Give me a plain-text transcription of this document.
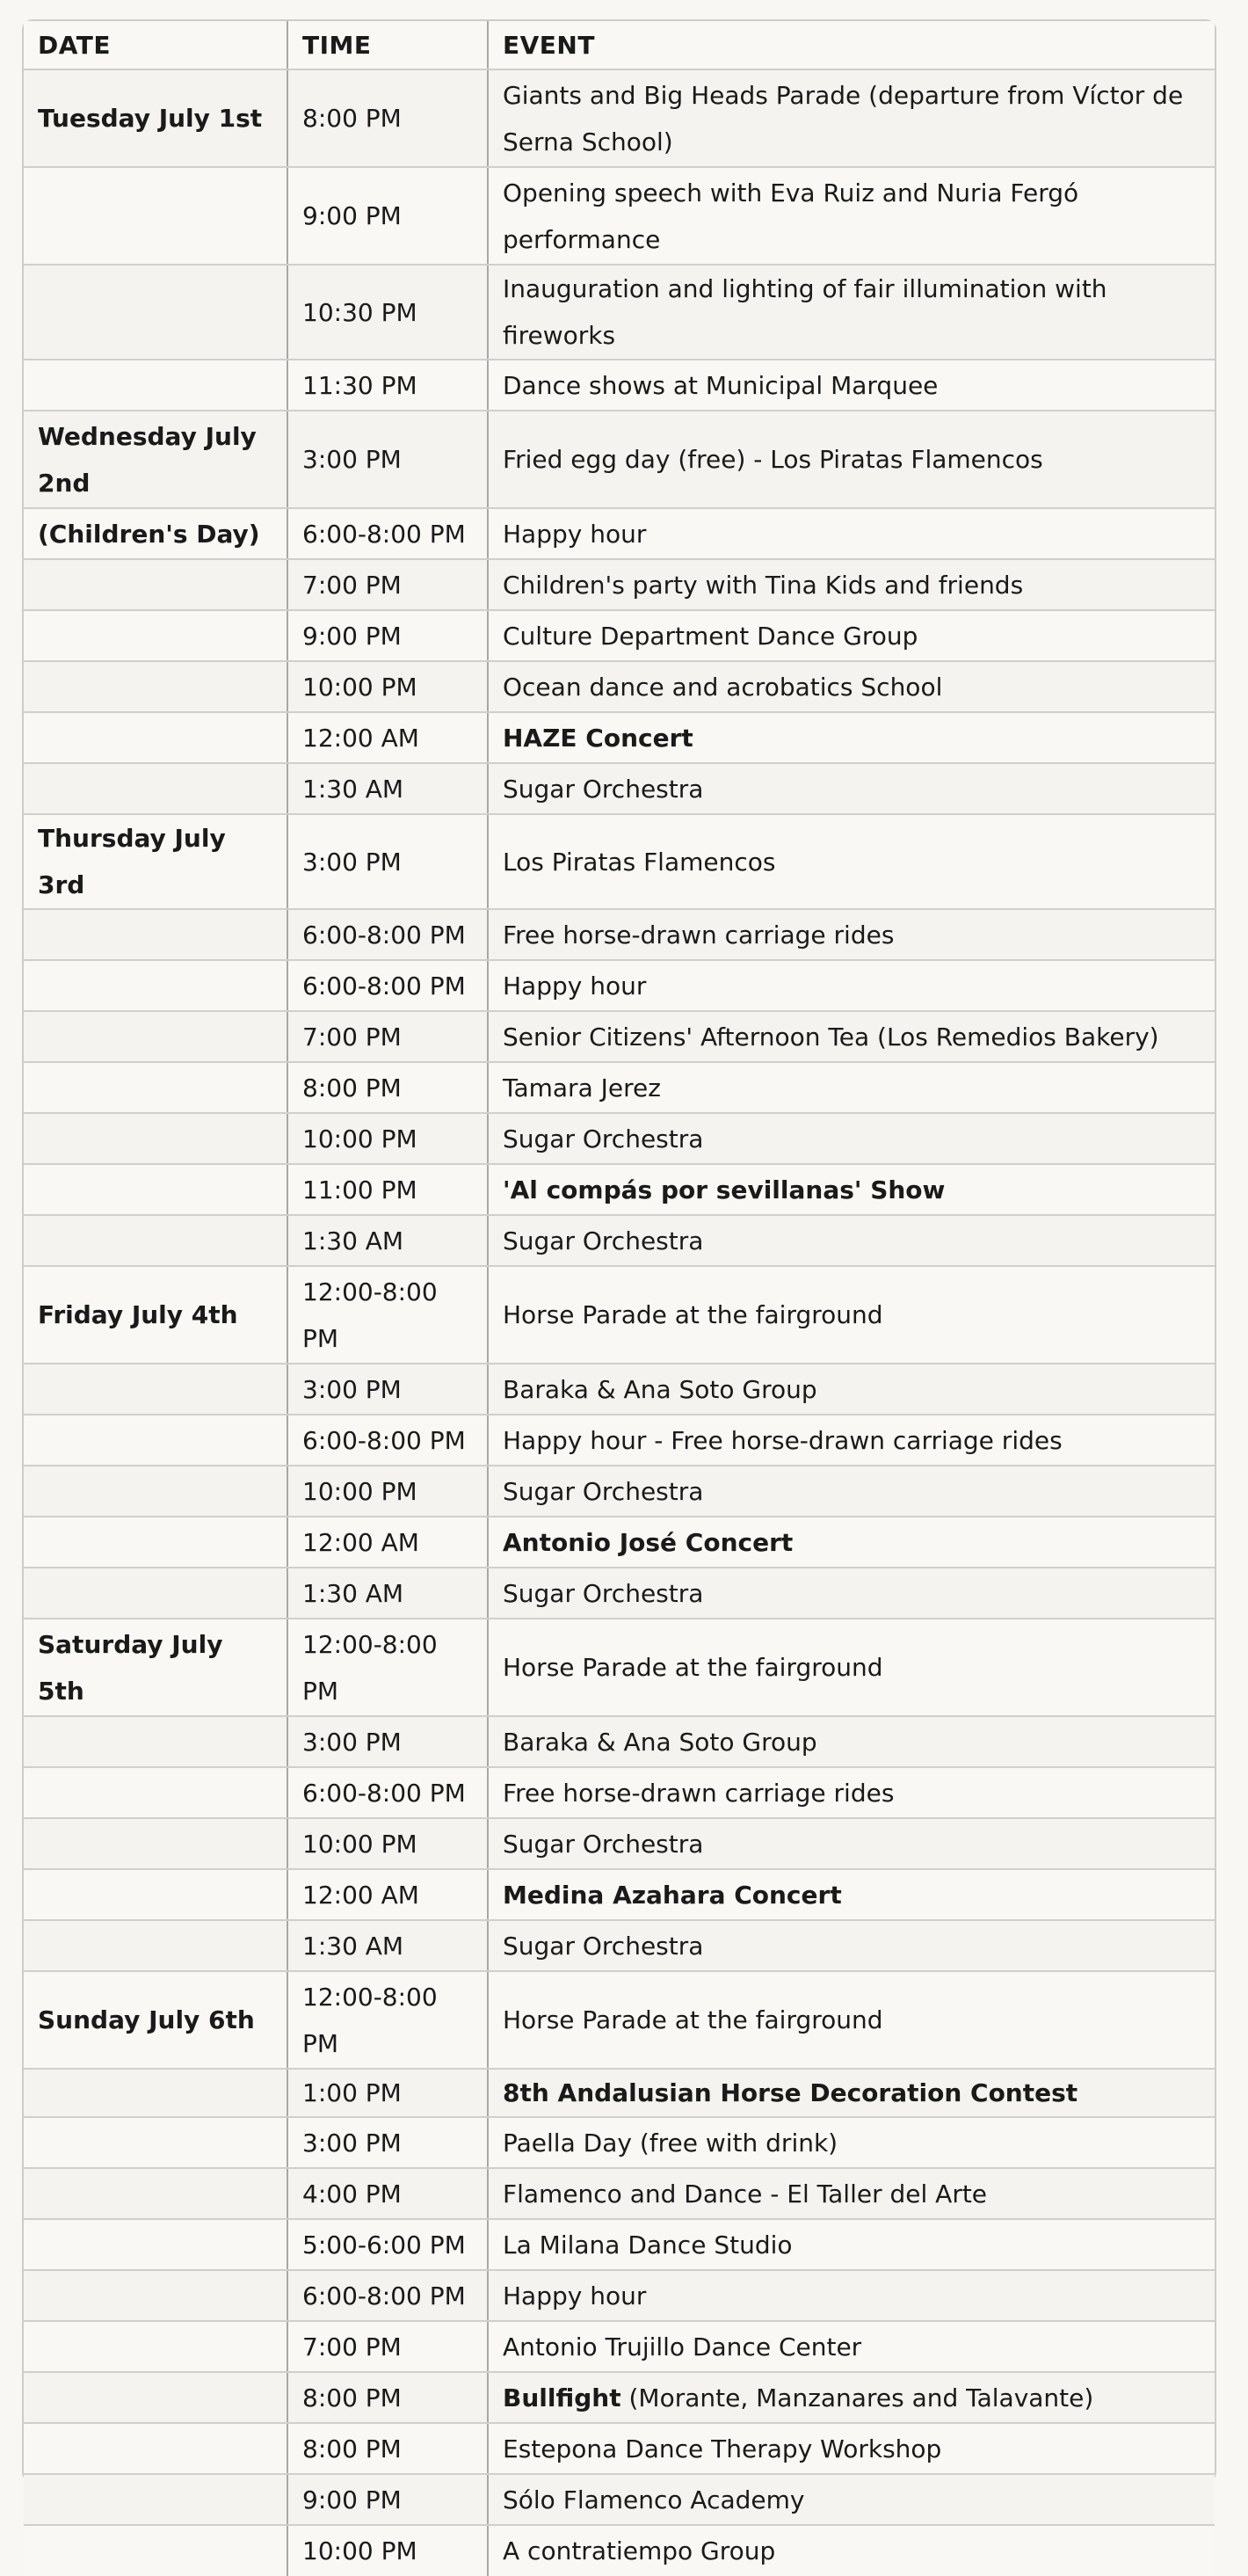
DATE	TIME	EVENT
Tuesday July 1st	8:00 PM	Giants and Big Heads Parade (departure from Víctor de Serna School)
	9:00 PM	Opening speech with Eva Ruiz and Nuria Fergó performance
	10:30 PM	Inauguration and lighting of fair illumination with fireworks
	11:30 PM	Dance shows at Municipal Marquee
Wednesday July 2nd	3:00 PM	Fried egg day (free) - Los Piratas Flamencos
(Children's Day)	6:00-8:00 PM	Happy hour
	7:00 PM	Children's party with Tina Kids and friends
	9:00 PM	Culture Department Dance Group
	10:00 PM	Ocean dance and acrobatics School
	12:00 AM	HAZE Concert
	1:30 AM	Sugar Orchestra
Thursday July 3rd	3:00 PM	Los Piratas Flamencos
	6:00-8:00 PM	Free horse-drawn carriage rides
	6:00-8:00 PM	Happy hour
	7:00 PM	Senior Citizens' Afternoon Tea (Los Remedios Bakery)
	8:00 PM	Tamara Jerez
	10:00 PM	Sugar Orchestra
	11:00 PM	'Al compás por sevillanas' Show
	1:30 AM	Sugar Orchestra
Friday July 4th	12:00-8:00 PM	Horse Parade at the fairground
	3:00 PM	Baraka & Ana Soto Group
	6:00-8:00 PM	Happy hour - Free horse-drawn carriage rides
	10:00 PM	Sugar Orchestra
	12:00 AM	Antonio José Concert
	1:30 AM	Sugar Orchestra
Saturday July 5th	12:00-8:00 PM	Horse Parade at the fairground
	3:00 PM	Baraka & Ana Soto Group
	6:00-8:00 PM	Free horse-drawn carriage rides
	10:00 PM	Sugar Orchestra
	12:00 AM	Medina Azahara Concert
	1:30 AM	Sugar Orchestra
Sunday July 6th	12:00-8:00 PM	Horse Parade at the fairground
	1:00 PM	8th Andalusian Horse Decoration Contest
	3:00 PM	Paella Day (free with drink)
	4:00 PM	Flamenco and Dance - El Taller del Arte
	5:00-6:00 PM	La Milana Dance Studio
	6:00-8:00 PM	Happy hour
	7:00 PM	Antonio Trujillo Dance Center
	8:00 PM	Bullfight (Morante, Manzanares and Talavante)
	8:00 PM	Estepona Dance Therapy Workshop
	9:00 PM	Sólo Flamenco Academy
	10:00 PM	A contratiempo Group
